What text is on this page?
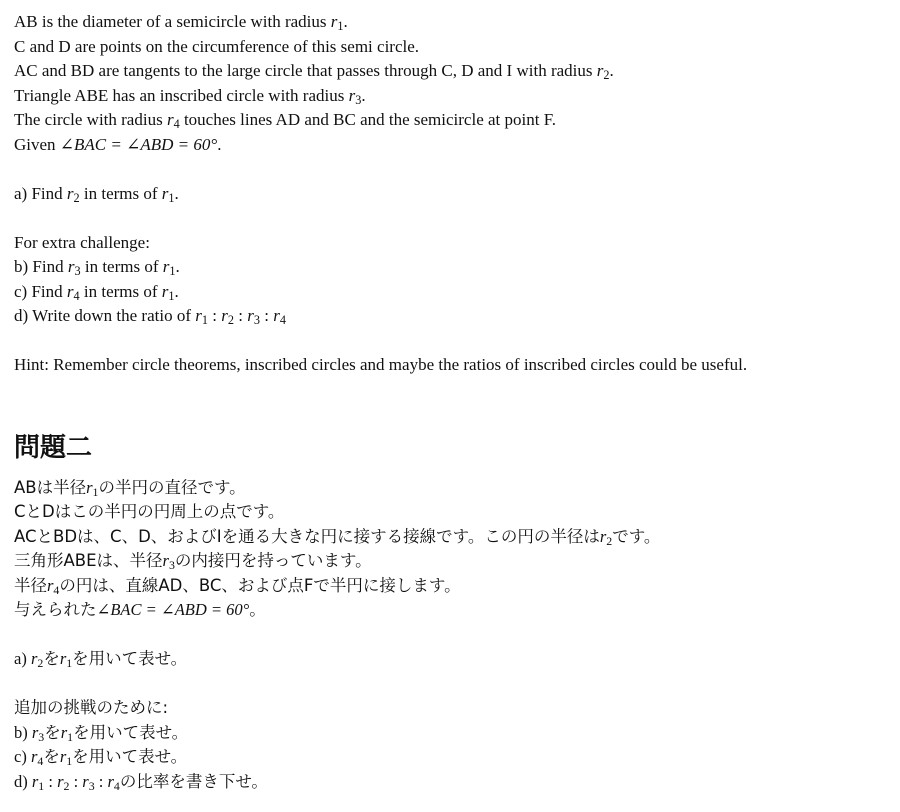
AB is the diameter of a semicircle with radius $r_1$.
C and D are points on the circumference of this semi circle.
AC and BD are tangents to the large circle that passes through C, D and I with radius $r_2$.
Triangle ABE has an inscribed circle with radius $r_3$.
The circle with radius $r_4$ touches lines AD and BC and the semicircle at point F.
Given ∠BAC = ∠ABD = 60°.
a) Find $r_2$ in terms of $r_1$.
For extra challenge:
b) Find $r_3$ in terms of $r_1$.
c) Find $r_4$ in terms of $r_1$.
d) Write down the ratio of $r_1$ : $r_2$ : $r_3$ : $r_4$
Hint: Remember circle theorems, inscribed circles and maybe the ratios of inscribed circles could be useful.
問題二
ABは半径$r_1$の半円の直径です。
CとDはこの半円の円周上の点です。
ACとBDは、C、D、およびIを通る大きな円に接する接線です。この円の半径は$r_2$です。
三角形ABEは、半径$r_3$の内接円を持っています。
半径$r_4$の円は、直線AD、BC、および点Fで半円に接します。
与えられた∠BAC = ∠ABD = 60°。
a) $r_2$を$r_1$を用いて表せ。
追加の挑戦のために:
b) $r_3$を$r_1$を用いて表せ。
c) $r_4$を$r_1$を用いて表せ。
d) $r_1$ : $r_2$ : $r_3$ : $r_4$の比率を書き下せ。
